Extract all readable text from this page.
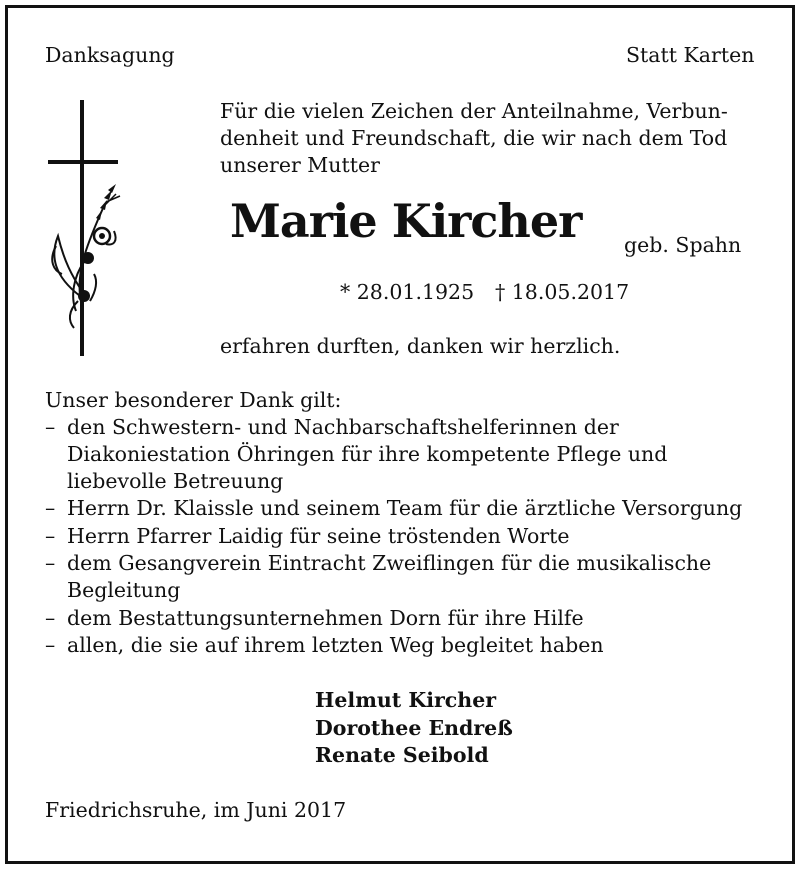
Danksagung	Statt Karten
Für die vielen Zeichen der Anteilnahme, Verbun-
denheit und Freundschaft, die wir nach dem Tod
unserer Mutter
Marie Kircher geb. Spahn
* 28.01.1925 † 18.05.2017
erfahren durften, danken wir herzlich.
Unser besonderer Dank gilt:
– den Schwestern- und Nachbarschaftshelferinnen der
Diakoniestation Öhringen für ihre kompetente Pflege und
liebevolle Betreuung
– Herrn Dr. Klaissle und seinem Team für die ärztliche Versorgung
– Herrn Pfarrer Laidig für seine tröstenden Worte
– dem Gesangverein Eintracht Zweiflingen für die musikalische
Begleitung
– dem Bestattungsunternehmen Dorn für ihre Hilfe
– allen, die sie auf ihrem letzten Weg begleitet haben
Helmut Kircher
Dorothee Endreß
Renate Seibold
Friedrichsruhe, im Juni 2017
